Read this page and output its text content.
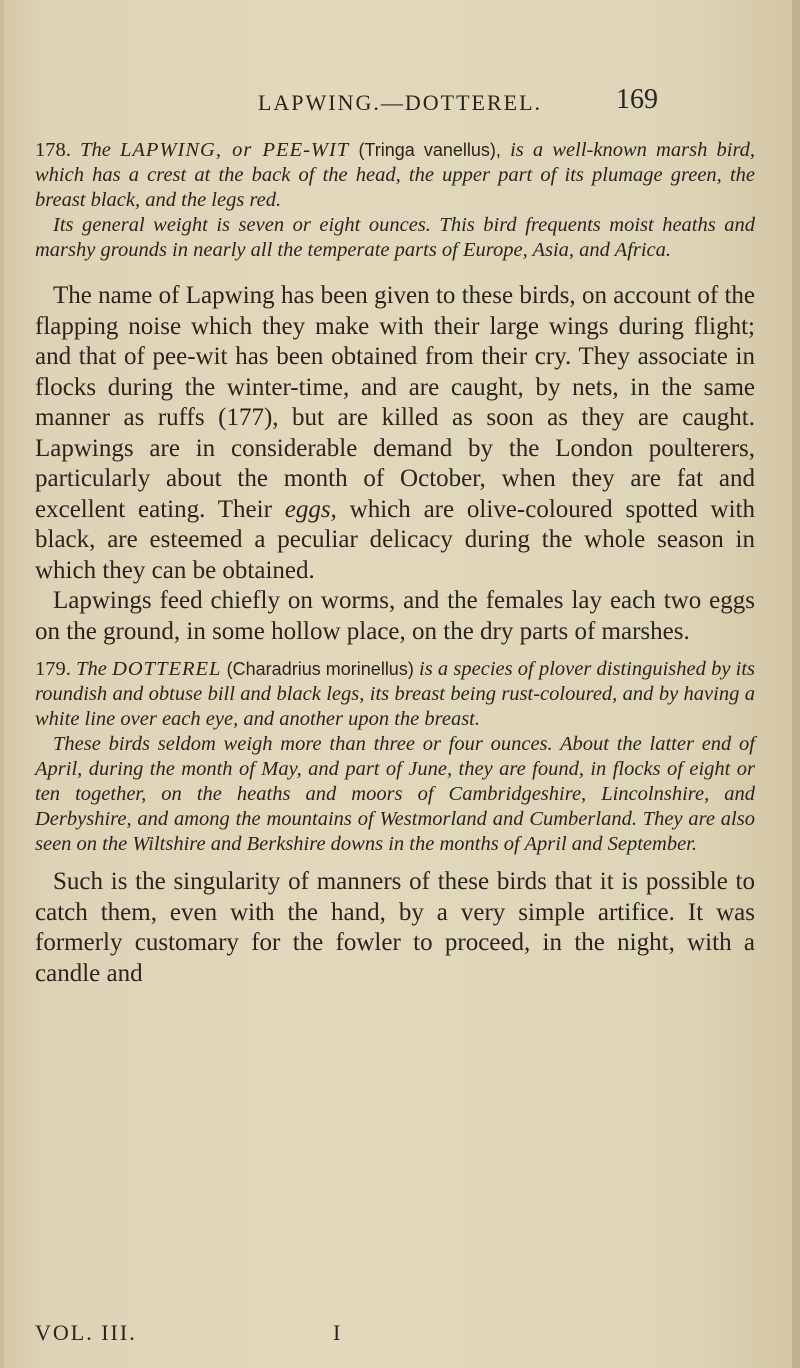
LAPWING.—DOTTEREL.	169

178. The LAPWING, or PEE-WIT (Tringa vanellus), is a well-known marsh bird, which has a crest at the back of the head, the upper part of its plumage green, the breast black, and the legs red.

Its general weight is seven or eight ounces. This bird frequents moist heaths and marshy grounds in nearly all the temperate parts of Europe, Asia, and Africa.

The name of Lapwing has been given to these birds, on account of the flapping noise which they make with their large wings during flight; and that of pee-wit has been obtained from their cry. They associate in flocks during the winter-time, and are caught, by nets, in the same manner as ruffs (177), but are killed as soon as they are caught. Lapwings are in considerable demand by the London poulterers, particularly about the month of October, when they are fat and excellent eating. Their eggs, which are olive-coloured spotted with black, are esteemed a peculiar delicacy during the whole season in which they can be obtained.

Lapwings feed chiefly on worms, and the females lay each two eggs on the ground, in some hollow place, on the dry parts of marshes.

179. The DOTTEREL (Charadrius morinellus) is a species of plover distinguished by its roundish and obtuse bill and black legs, its breast being rust-coloured, and by having a white line over each eye, and another upon the breast.

These birds seldom weigh more than three or four ounces. About the latter end of April, during the month of May, and part of June, they are found, in flocks of eight or ten together, on the heaths and moors of Cambridgeshire, Lincolnshire, and Derbyshire, and among the mountains of Westmorland and Cumberland. They are also seen on the Wiltshire and Berkshire downs in the months of April and September.

Such is the singularity of manners of these birds that it is possible to catch them, even with the hand, by a very simple artifice. It was formerly customary for the fowler to proceed, in the night, with a candle and

VOL. III.	I
